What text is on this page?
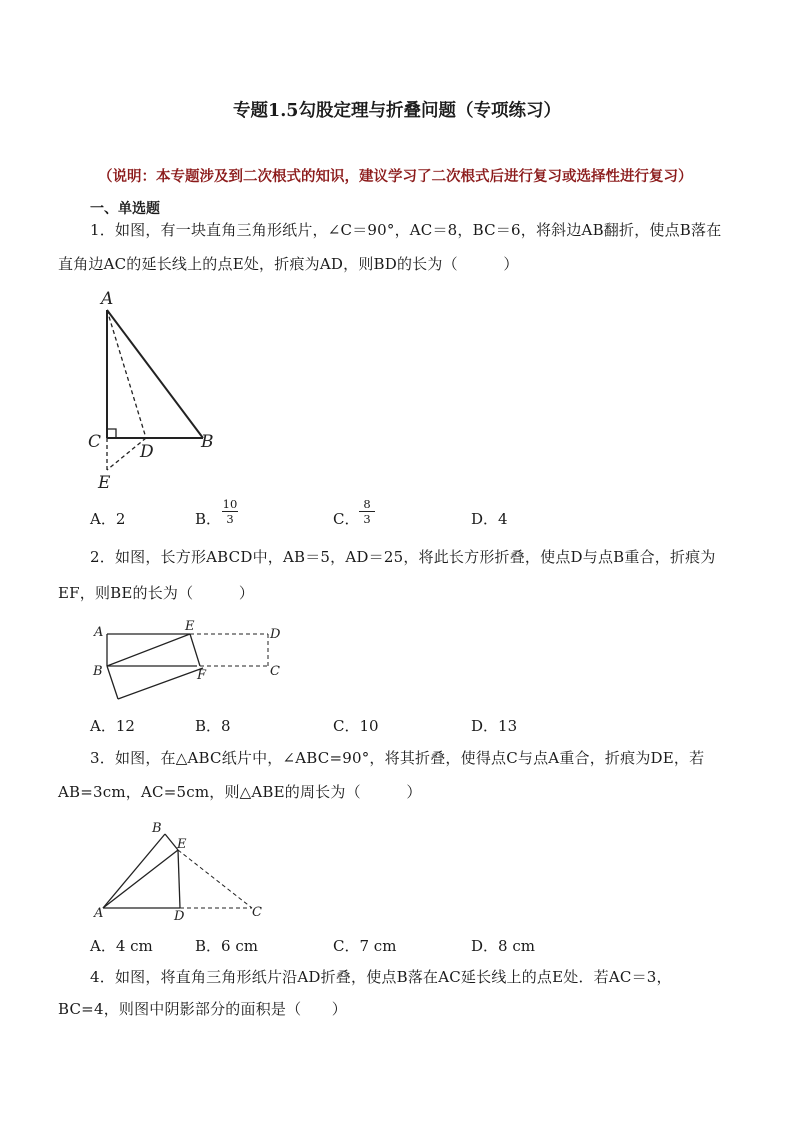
专题1.5勾股定理与折叠问题（专项练习）
（说明：本专题涉及到二次根式的知识，建议学习了二次根式后进行复习或选择性进行复习）
一、单选题
1．如图，有一块直角三角形纸片，∠C＝90°，AC＝8，BC＝6，将斜边AB翻折，使点B落在
直角边AC的延长线上的点E处，折痕为AD，则BD的长为（　　　）
A
C D	B
E
A．2	B． $\frac{10}{3}$	C． $\frac{8}{3}$	D．4
2．如图，长方形ABCD中，AB＝5，AD＝25，将此长方形折叠，使点D与点B重合，折痕为
EF，则BE的长为（　　　）
A	E
D
B	F	C
A．12	B．8	C．10	D．13
3．如图，在△ABC纸片中，∠ABC=90°，将其折叠，使得点C与点A重合，折痕为DE，若
AB=3cm，AC=5cm，则△ABE的周长为（　　　）
B
E
A	D	C
A．4 cm	B．6 cm	C．7 cm	D．8 cm
4．如图，将直角三角形纸片沿AD折叠，使点B落在AC延长线上的点E处．若AC＝3，
BC=4，则图中阴影部分的面积是（　　）
